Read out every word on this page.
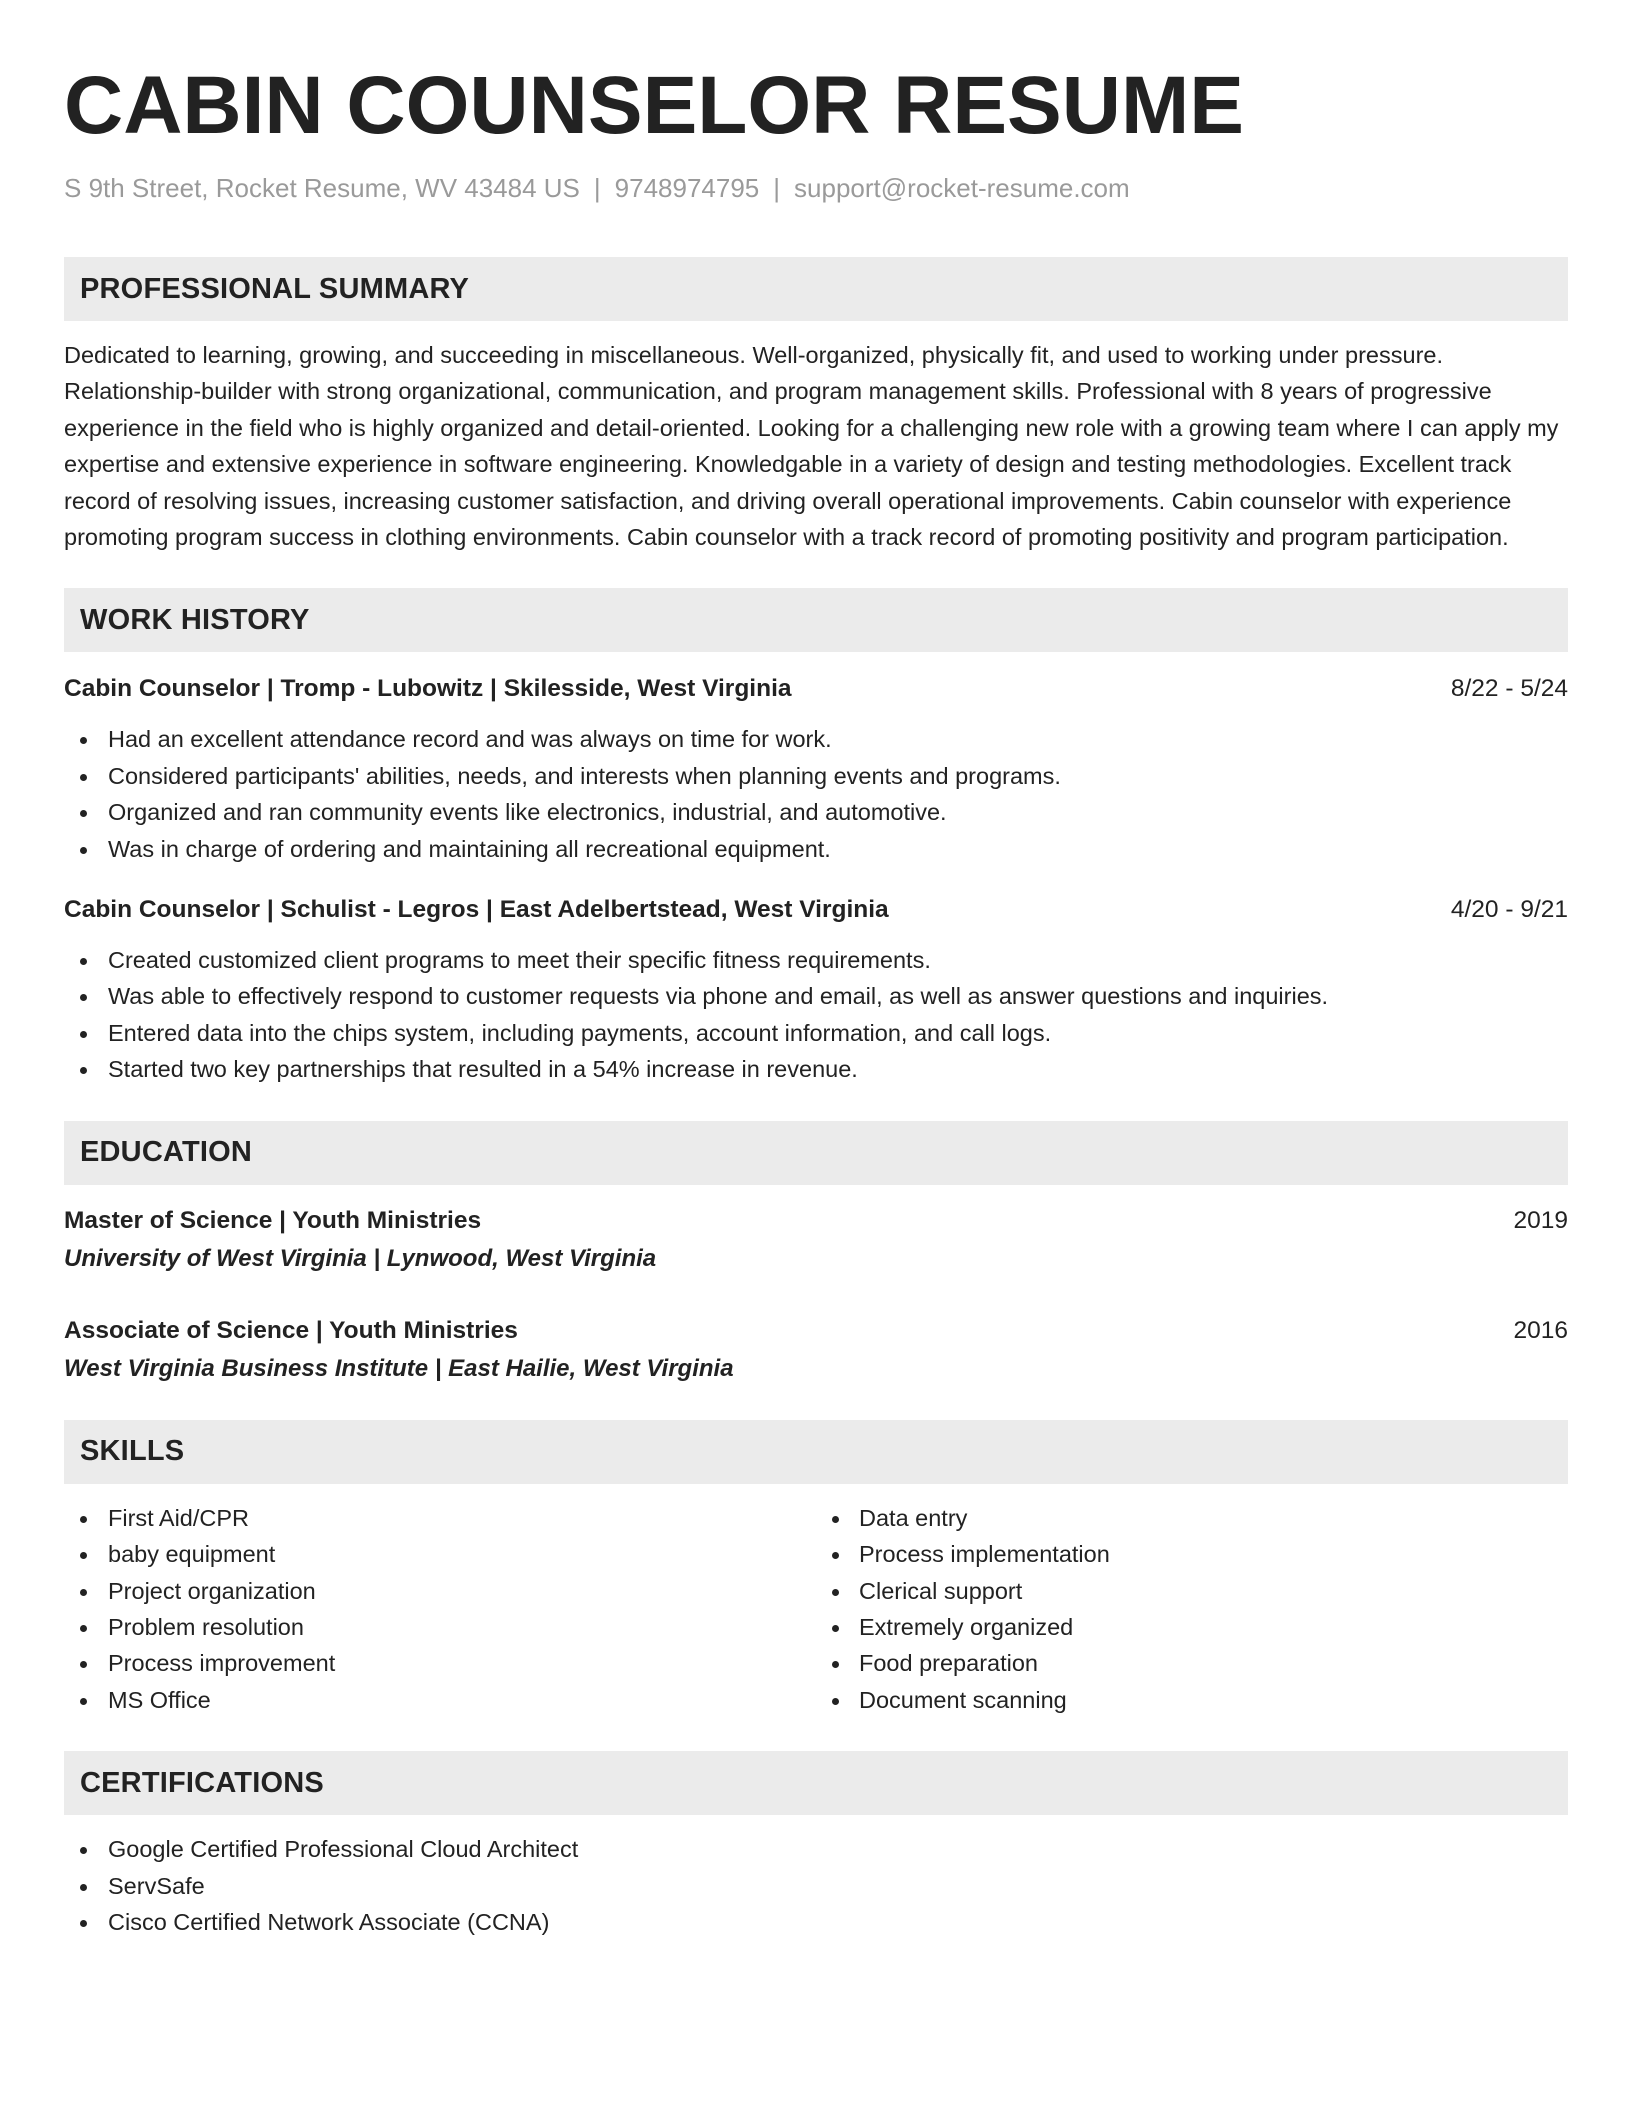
CABIN COUNSELOR RESUME
S 9th Street, Rocket Resume, WV 43484 US | 9748974795 | support@rocket-resume.com
PROFESSIONAL SUMMARY
Dedicated to learning, growing, and succeeding in miscellaneous. Well-organized, physically fit, and used to working under pressure. Relationship-builder with strong organizational, communication, and program management skills. Professional with 8 years of progressive experience in the field who is highly organized and detail-oriented. Looking for a challenging new role with a growing team where I can apply my expertise and extensive experience in software engineering. Knowledgable in a variety of design and testing methodologies. Excellent track record of resolving issues, increasing customer satisfaction, and driving overall operational improvements. Cabin counselor with experience promoting program success in clothing environments. Cabin counselor with a track record of promoting positivity and program participation.
WORK HISTORY
Cabin Counselor | Tromp - Lubowitz | Skilesside, West Virginia	8/22 - 5/24
Had an excellent attendance record and was always on time for work.
Considered participants' abilities, needs, and interests when planning events and programs.
Organized and ran community events like electronics, industrial, and automotive.
Was in charge of ordering and maintaining all recreational equipment.
Cabin Counselor | Schulist - Legros | East Adelbertstead, West Virginia	4/20 - 9/21
Created customized client programs to meet their specific fitness requirements.
Was able to effectively respond to customer requests via phone and email, as well as answer questions and inquiries.
Entered data into the chips system, including payments, account information, and call logs.
Started two key partnerships that resulted in a 54% increase in revenue.
EDUCATION
Master of Science | Youth Ministries	2019
University of West Virginia | Lynwood, West Virginia
Associate of Science | Youth Ministries	2016
West Virginia Business Institute | East Hailie, West Virginia
SKILLS
First Aid/CPR
baby equipment
Project organization
Problem resolution
Process improvement
MS Office
Data entry
Process implementation
Clerical support
Extremely organized
Food preparation
Document scanning
CERTIFICATIONS
Google Certified Professional Cloud Architect
ServSafe
Cisco Certified Network Associate (CCNA)
